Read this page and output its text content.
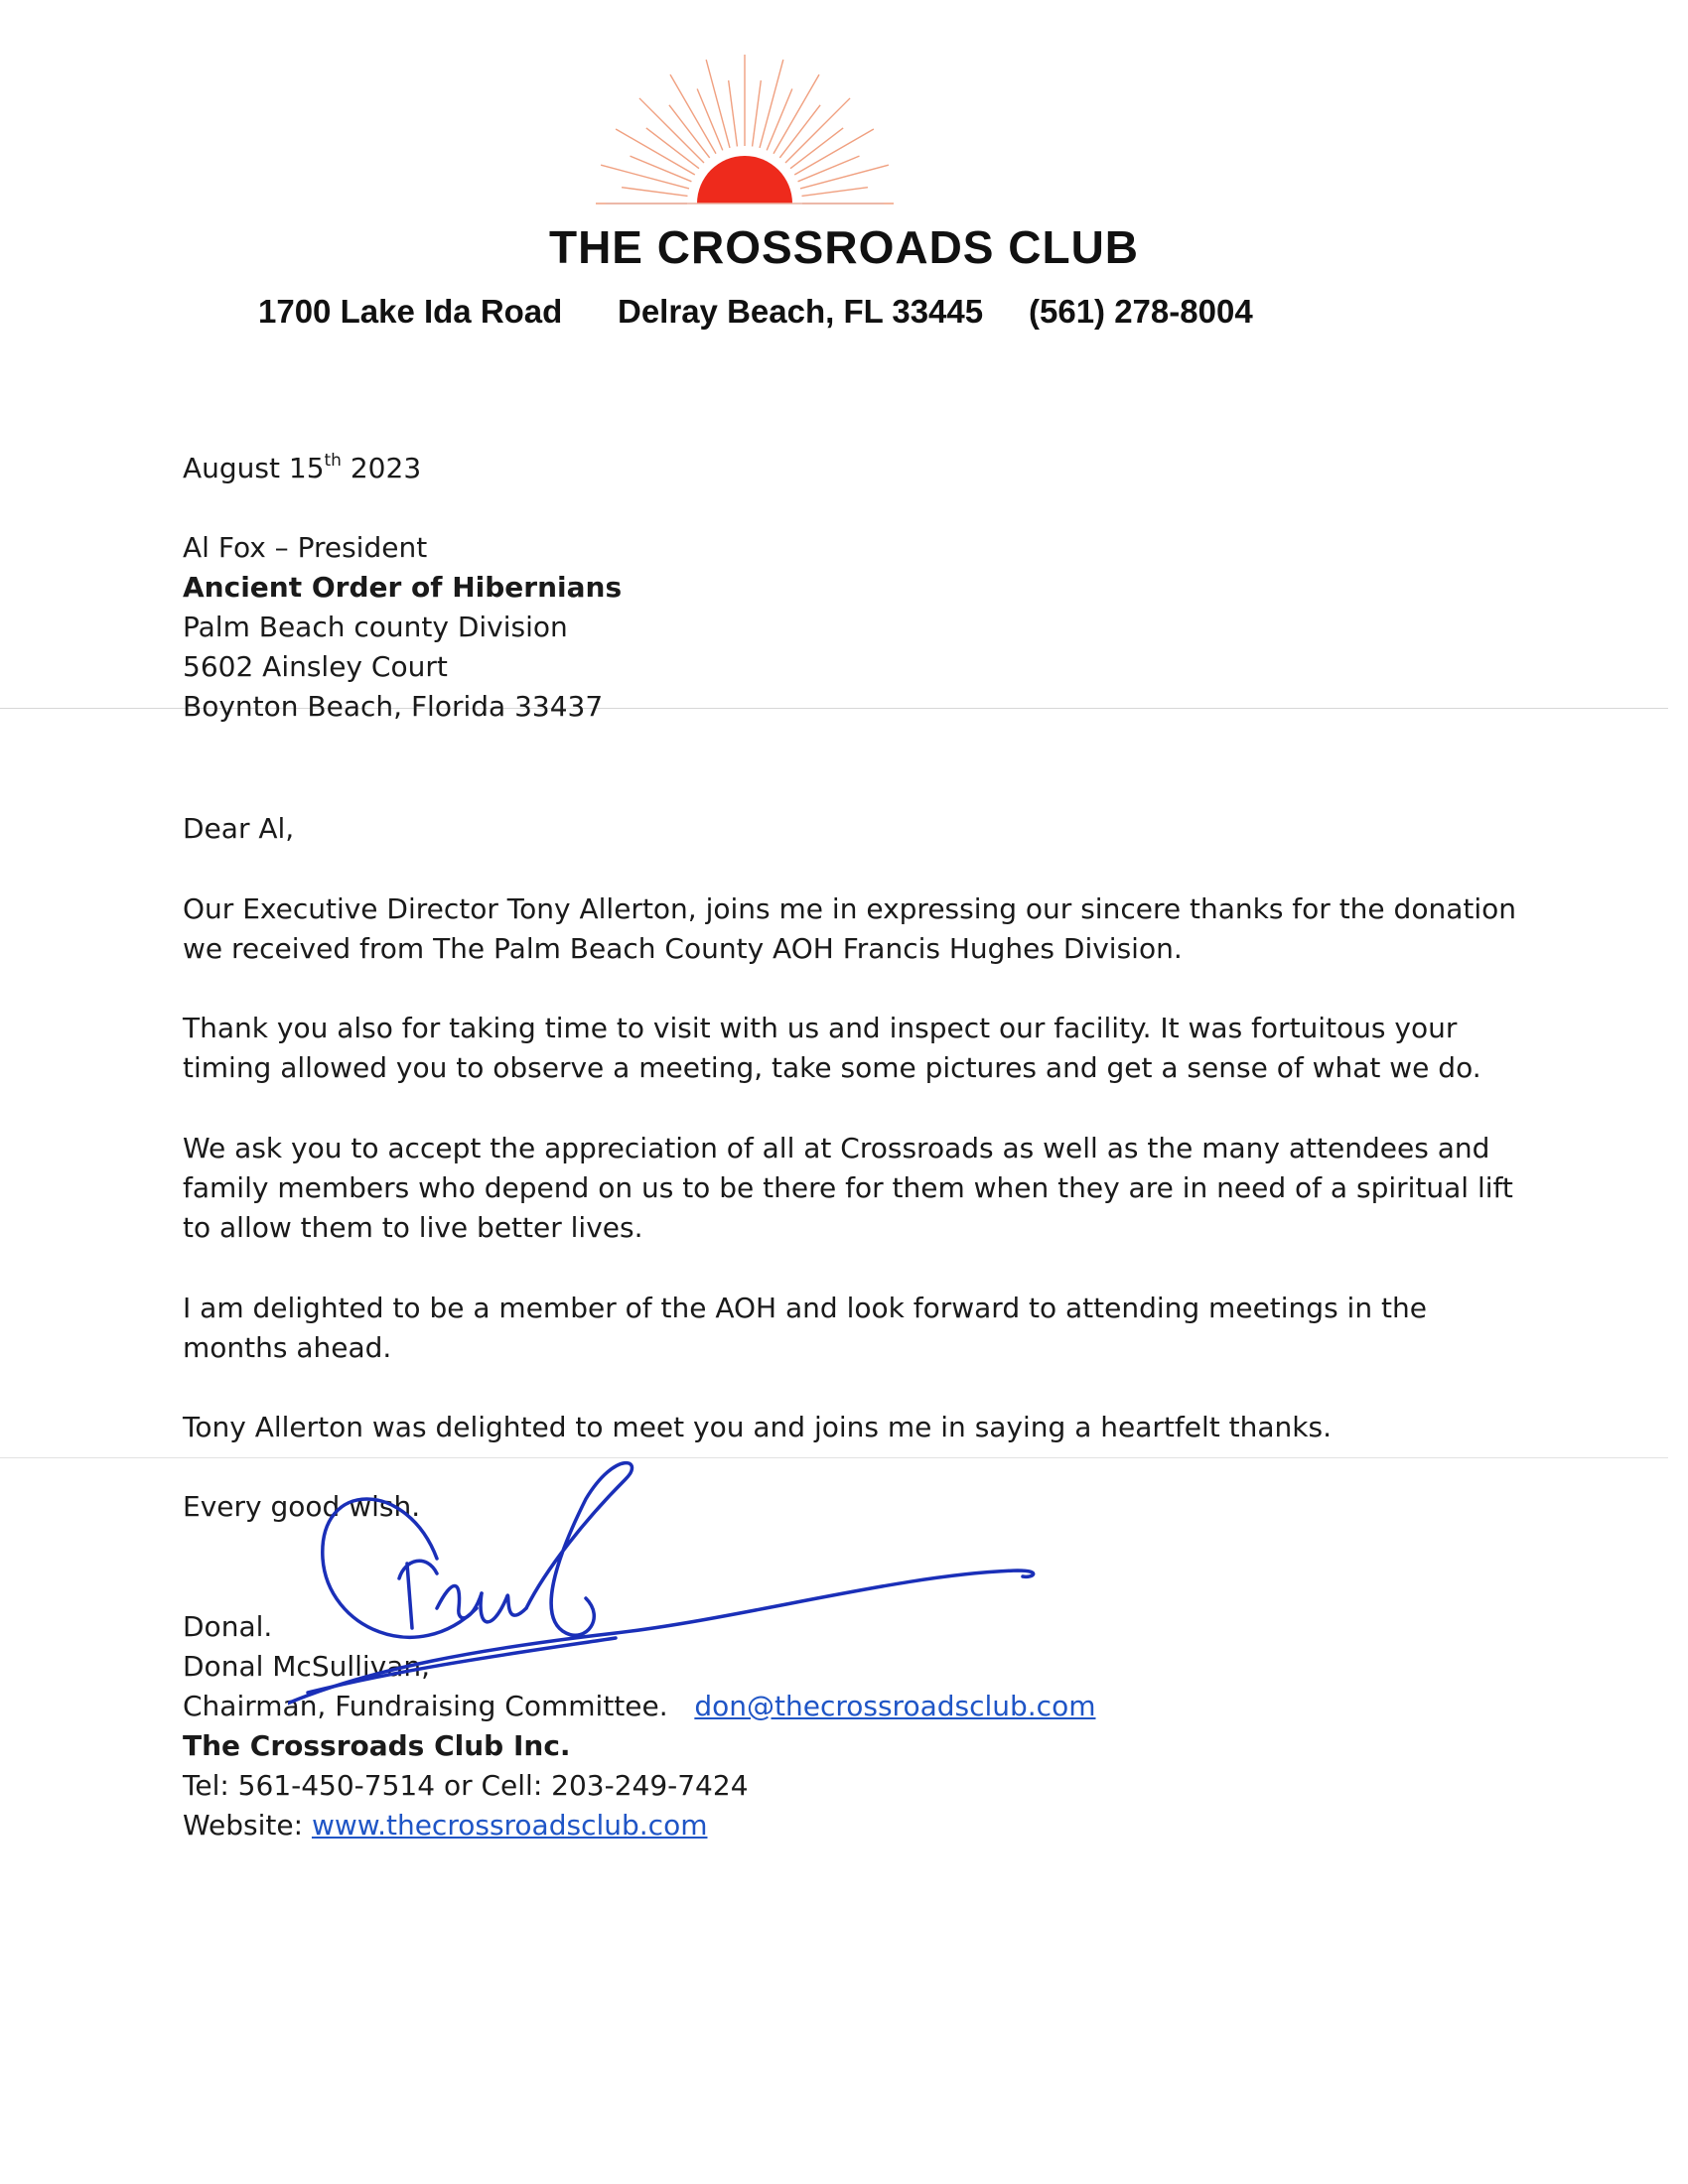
THE CROSSROADS CLUB
1700 Lake Ida Road Delray Beach, FL 33445 (561) 278-8004
August 15th 2023
Al Fox – President
Ancient Order of Hibernians
Palm Beach county Division
5602 Ainsley Court
Boynton Beach, Florida 33437
Dear Al,
Our Executive Director Tony Allerton, joins me in expressing our sincere thanks for the donation
we received from The Palm Beach County AOH Francis Hughes Division.
Thank you also for taking time to visit with us and inspect our facility. It was fortuitous your
timing allowed you to observe a meeting, take some pictures and get a sense of what we do.
We ask you to accept the appreciation of all at Crossroads as well as the many attendees and
family members who depend on us to be there for them when they are in need of a spiritual lift
to allow them to live better lives.
I am delighted to be a member of the AOH and look forward to attending meetings in the
months ahead.
Tony Allerton was delighted to meet you and joins me in saying a heartfelt thanks.
Every good wish.
Donal.
Donal McSullivan,
Chairman, Fundraising Committee. don@thecrossroadsclub.com
The Crossroads Club Inc.
Tel: 561-450-7514 or Cell: 203-249-7424
Website: www.thecrossroadsclub.com
